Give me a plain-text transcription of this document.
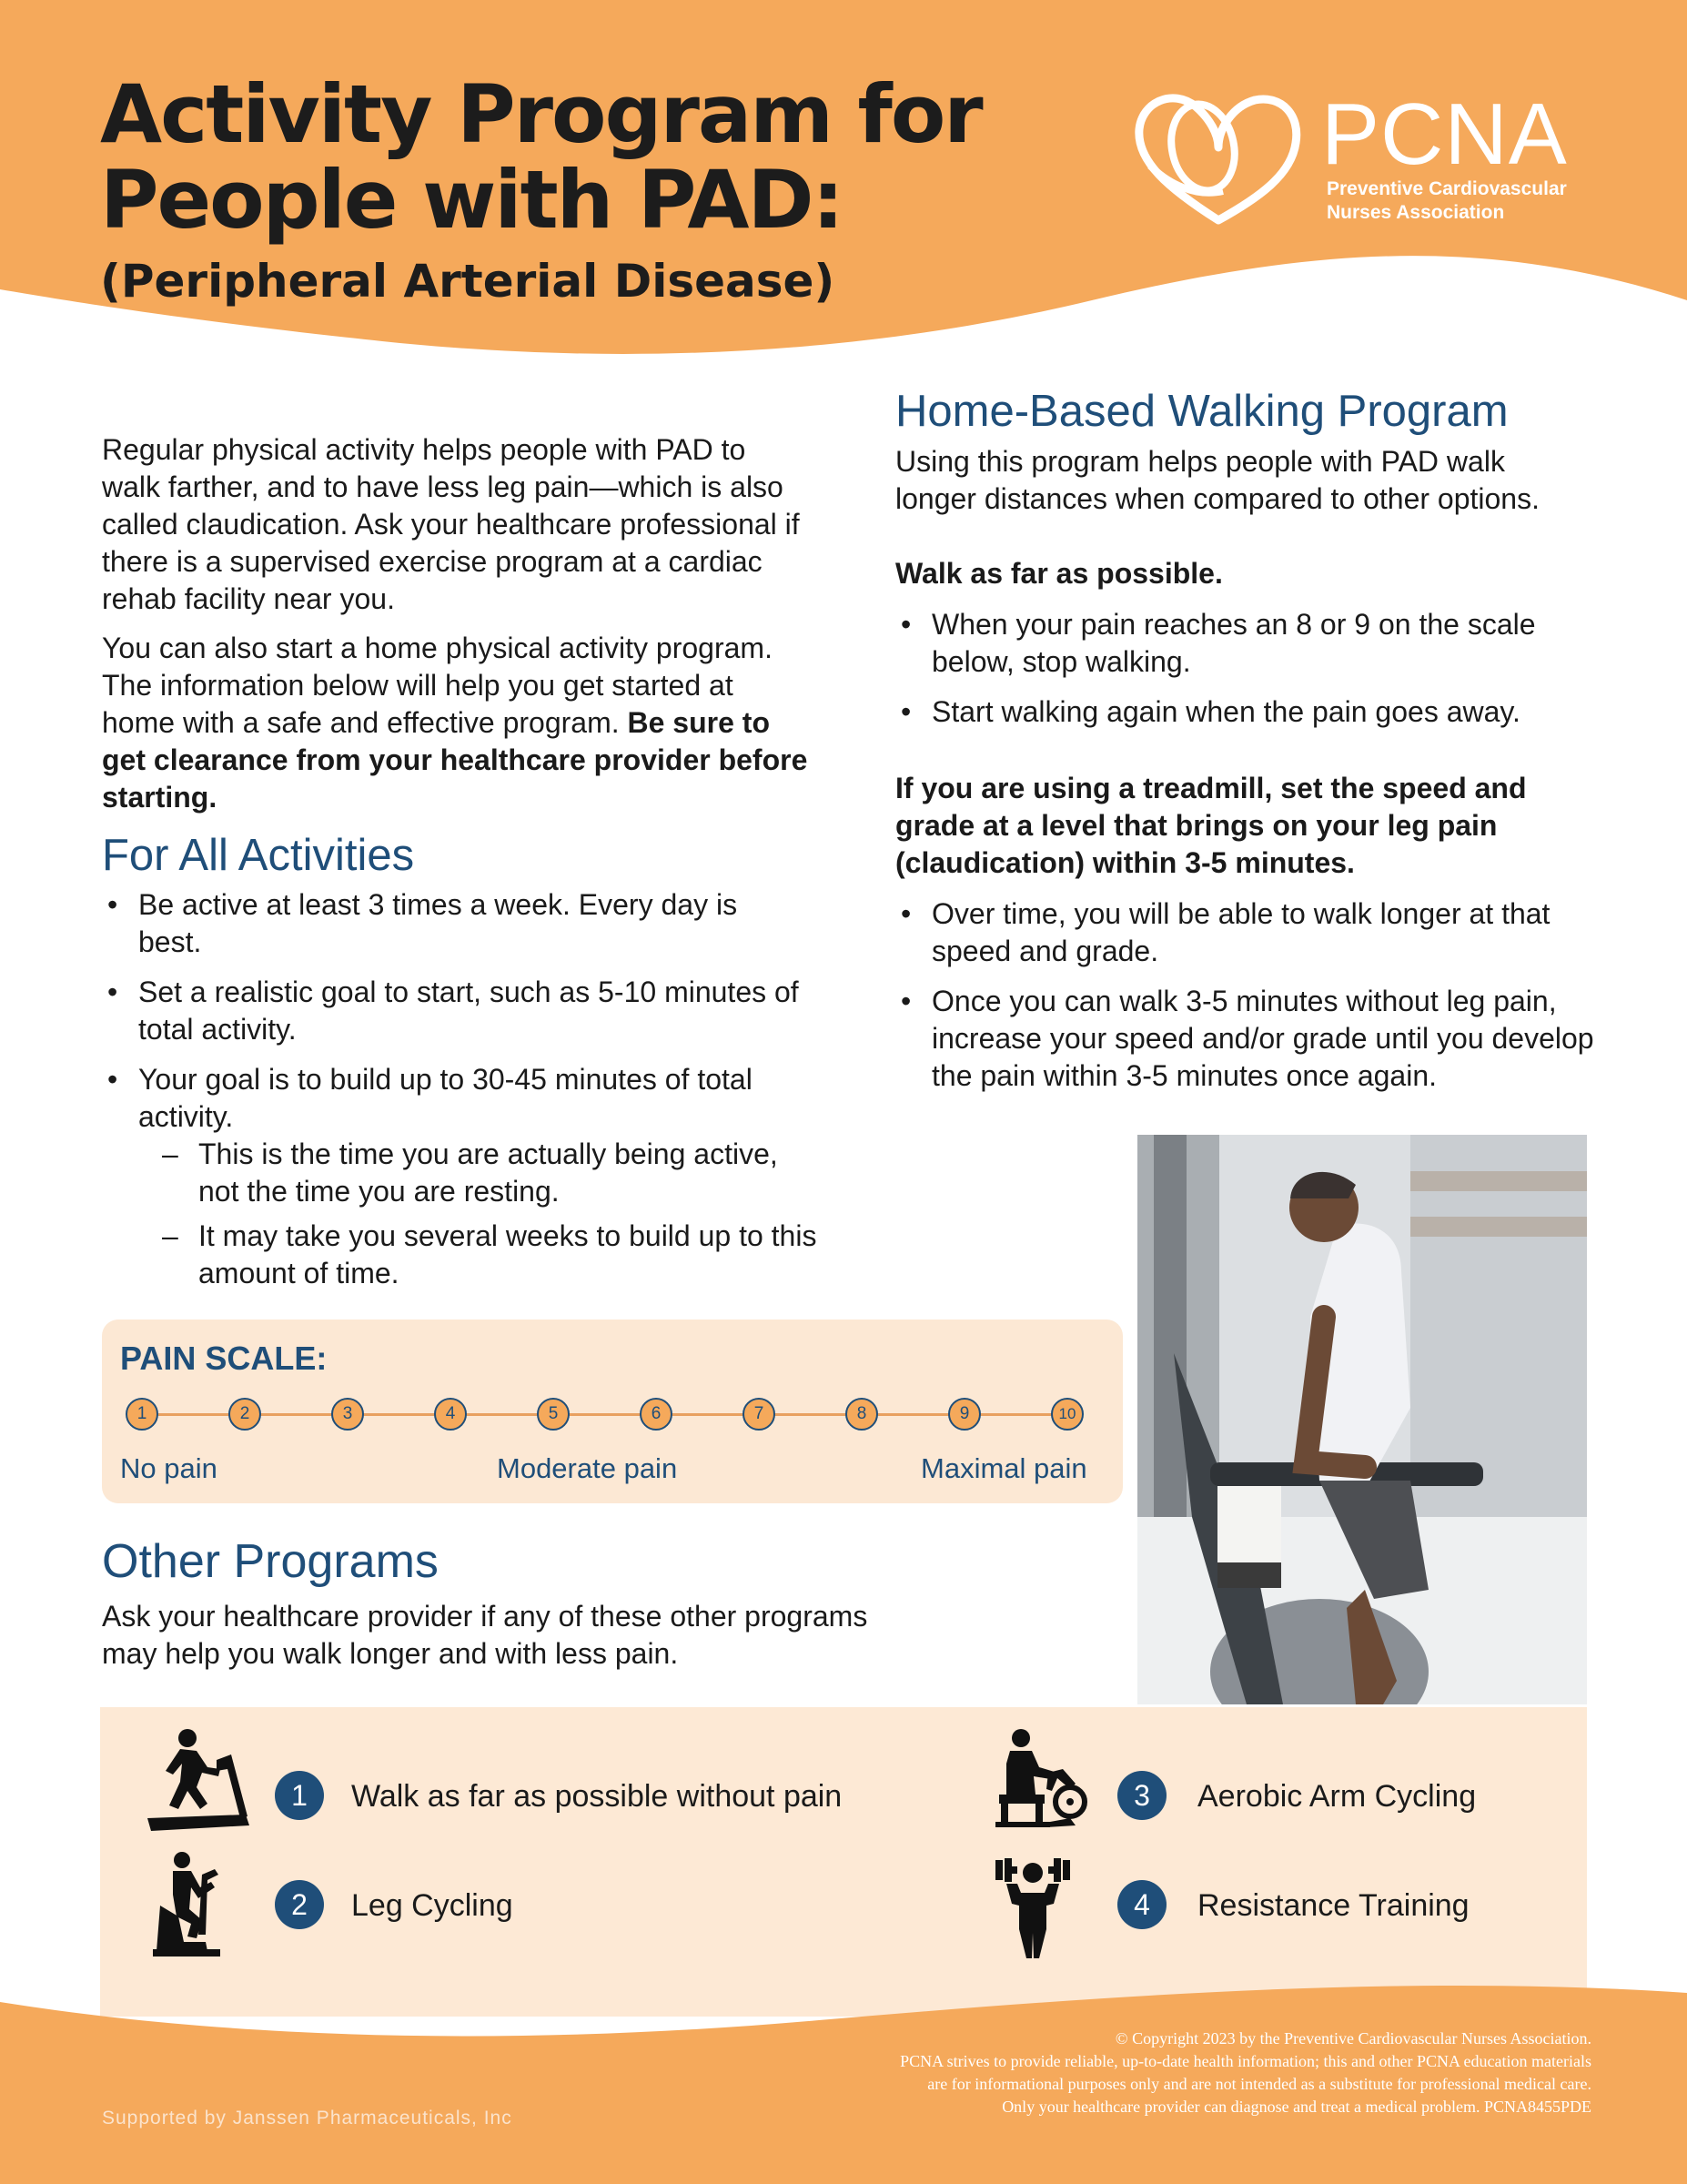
Activity Program for
People with PAD:
(Peripheral Arterial Disease)
PCNA
Preventive Cardiovascular
Nurses Association

Regular physical activity helps people with PAD to walk farther, and to have less leg pain—which is also called claudication. Ask your healthcare professional if there is a supervised exercise program at a cardiac rehab facility near you.

You can also start a home physical activity program. The information below will help you get started at home with a safe and effective program. Be sure to get clearance from your healthcare provider before starting.

For All Activities
• Be active at least 3 times a week. Every day is best.
• Set a realistic goal to start, such as 5-10 minutes of total activity.
• Your goal is to build up to 30-45 minutes of total activity.
– This is the time you are actually being active, not the time you are resting.
– It may take you several weeks to build up to this amount of time.
Home-Based Walking Program

Using this program helps people with PAD walk longer distances when compared to other options.

Walk as far as possible.

• When your pain reaches an 8 or 9 on the scale below, stop walking.
• Start walking again when the pain goes away.

If you are using a treadmill, set the speed and grade at a level that brings on your leg pain (claudication) within 3-5 minutes.

• Over time, you will be able to walk longer at that speed and grade.
• Once you can walk 3-5 minutes without leg pain, increase your speed and/or grade until you develop the pain within 3-5 minutes once again.
PAIN SCALE:
1	2	3	4	5	6	7	8	9	10
No pain	Moderate pain	Maximal pain
Other Programs

Ask your healthcare provider if any of these other programs may help you walk longer and with less pain.

1	Walk as far as possible without pain
2	Leg Cycling
3	Aerobic Arm Cycling
4	Resistance Training
Supported by Janssen Pharmaceuticals, Inc
© Copyright 2023 by the Preventive Cardiovascular Nurses Association.
PCNA strives to provide reliable, up-to-date health information; this and other PCNA education materials
are for informational purposes only and are not intended as a substitute for professional medical care.
Only your healthcare provider can diagnose and treat a medical problem. PCNA8455PDE
